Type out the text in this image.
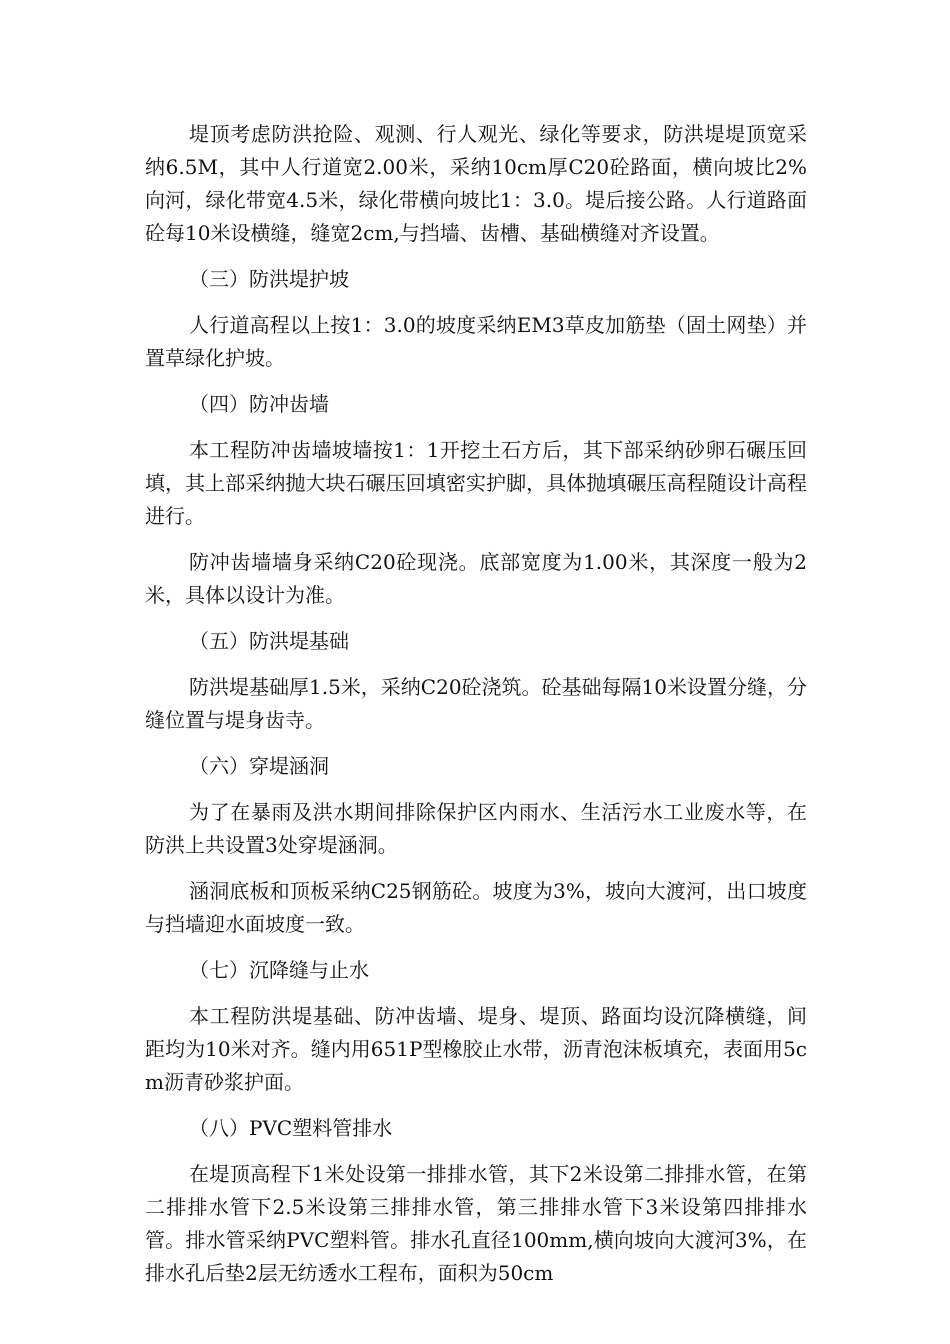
堤顶考虑防洪抢险、观测、行人观光、绿化等要求，防洪堤堤顶宽采纳6.5M，其中人行道宽2.00米，采纳10cm厚C20砼路面，横向坡比2%向河，绿化带宽4.5米，绿化带横向坡比1：3.0。堤后接公路。人行道路面砼每10米设横缝，缝宽2cm,与挡墙、齿槽、基础横缝对齐设置。

（三）防洪堤护坡

人行道高程以上按1：3.0的坡度采纳EM3草皮加筋垫（固土网垫）并置草绿化护坡。

（四）防冲齿墙

本工程防冲齿墙坡墙按1：1开挖土石方后，其下部采纳砂卵石碾压回填，其上部采纳抛大块石碾压回填密实护脚，具体抛填碾压高程随设计高程进行。

防冲齿墙墙身采纳C20砼现浇。底部宽度为1.00米，其深度一般为2米，具体以设计为准。

（五）防洪堤基础

防洪堤基础厚1.5米，采纳C20砼浇筑。砼基础每隔10米设置分缝，分缝位置与堤身齿寺。

（六）穿堤涵洞

为了在暴雨及洪水期间排除保护区内雨水、生活污水工业废水等，在防洪上共设置3处穿堤涵洞。

涵洞底板和顶板采纳C25钢筋砼。坡度为3%，坡向大渡河，出口坡度与挡墙迎水面坡度一致。

（七）沉降缝与止水

本工程防洪堤基础、防冲齿墙、堤身、堤顶、路面均设沉降横缝，间距均为10米对齐。缝内用651P型橡胶止水带，沥青泡沫板填充，表面用5cm沥青砂浆护面。

（八）PVC塑料管排水

在堤顶高程下1米处设第一排排水管，其下2米设第二排排水管，在第二排排水管下2.5米设第三排排水管，第三排排水管下3米设第四排排水管。排水管采纳PVC塑料管。排水孔直径100mm,横向坡向大渡河3%，在排水孔后垫2层无纺透水工程布，面积为50cm
